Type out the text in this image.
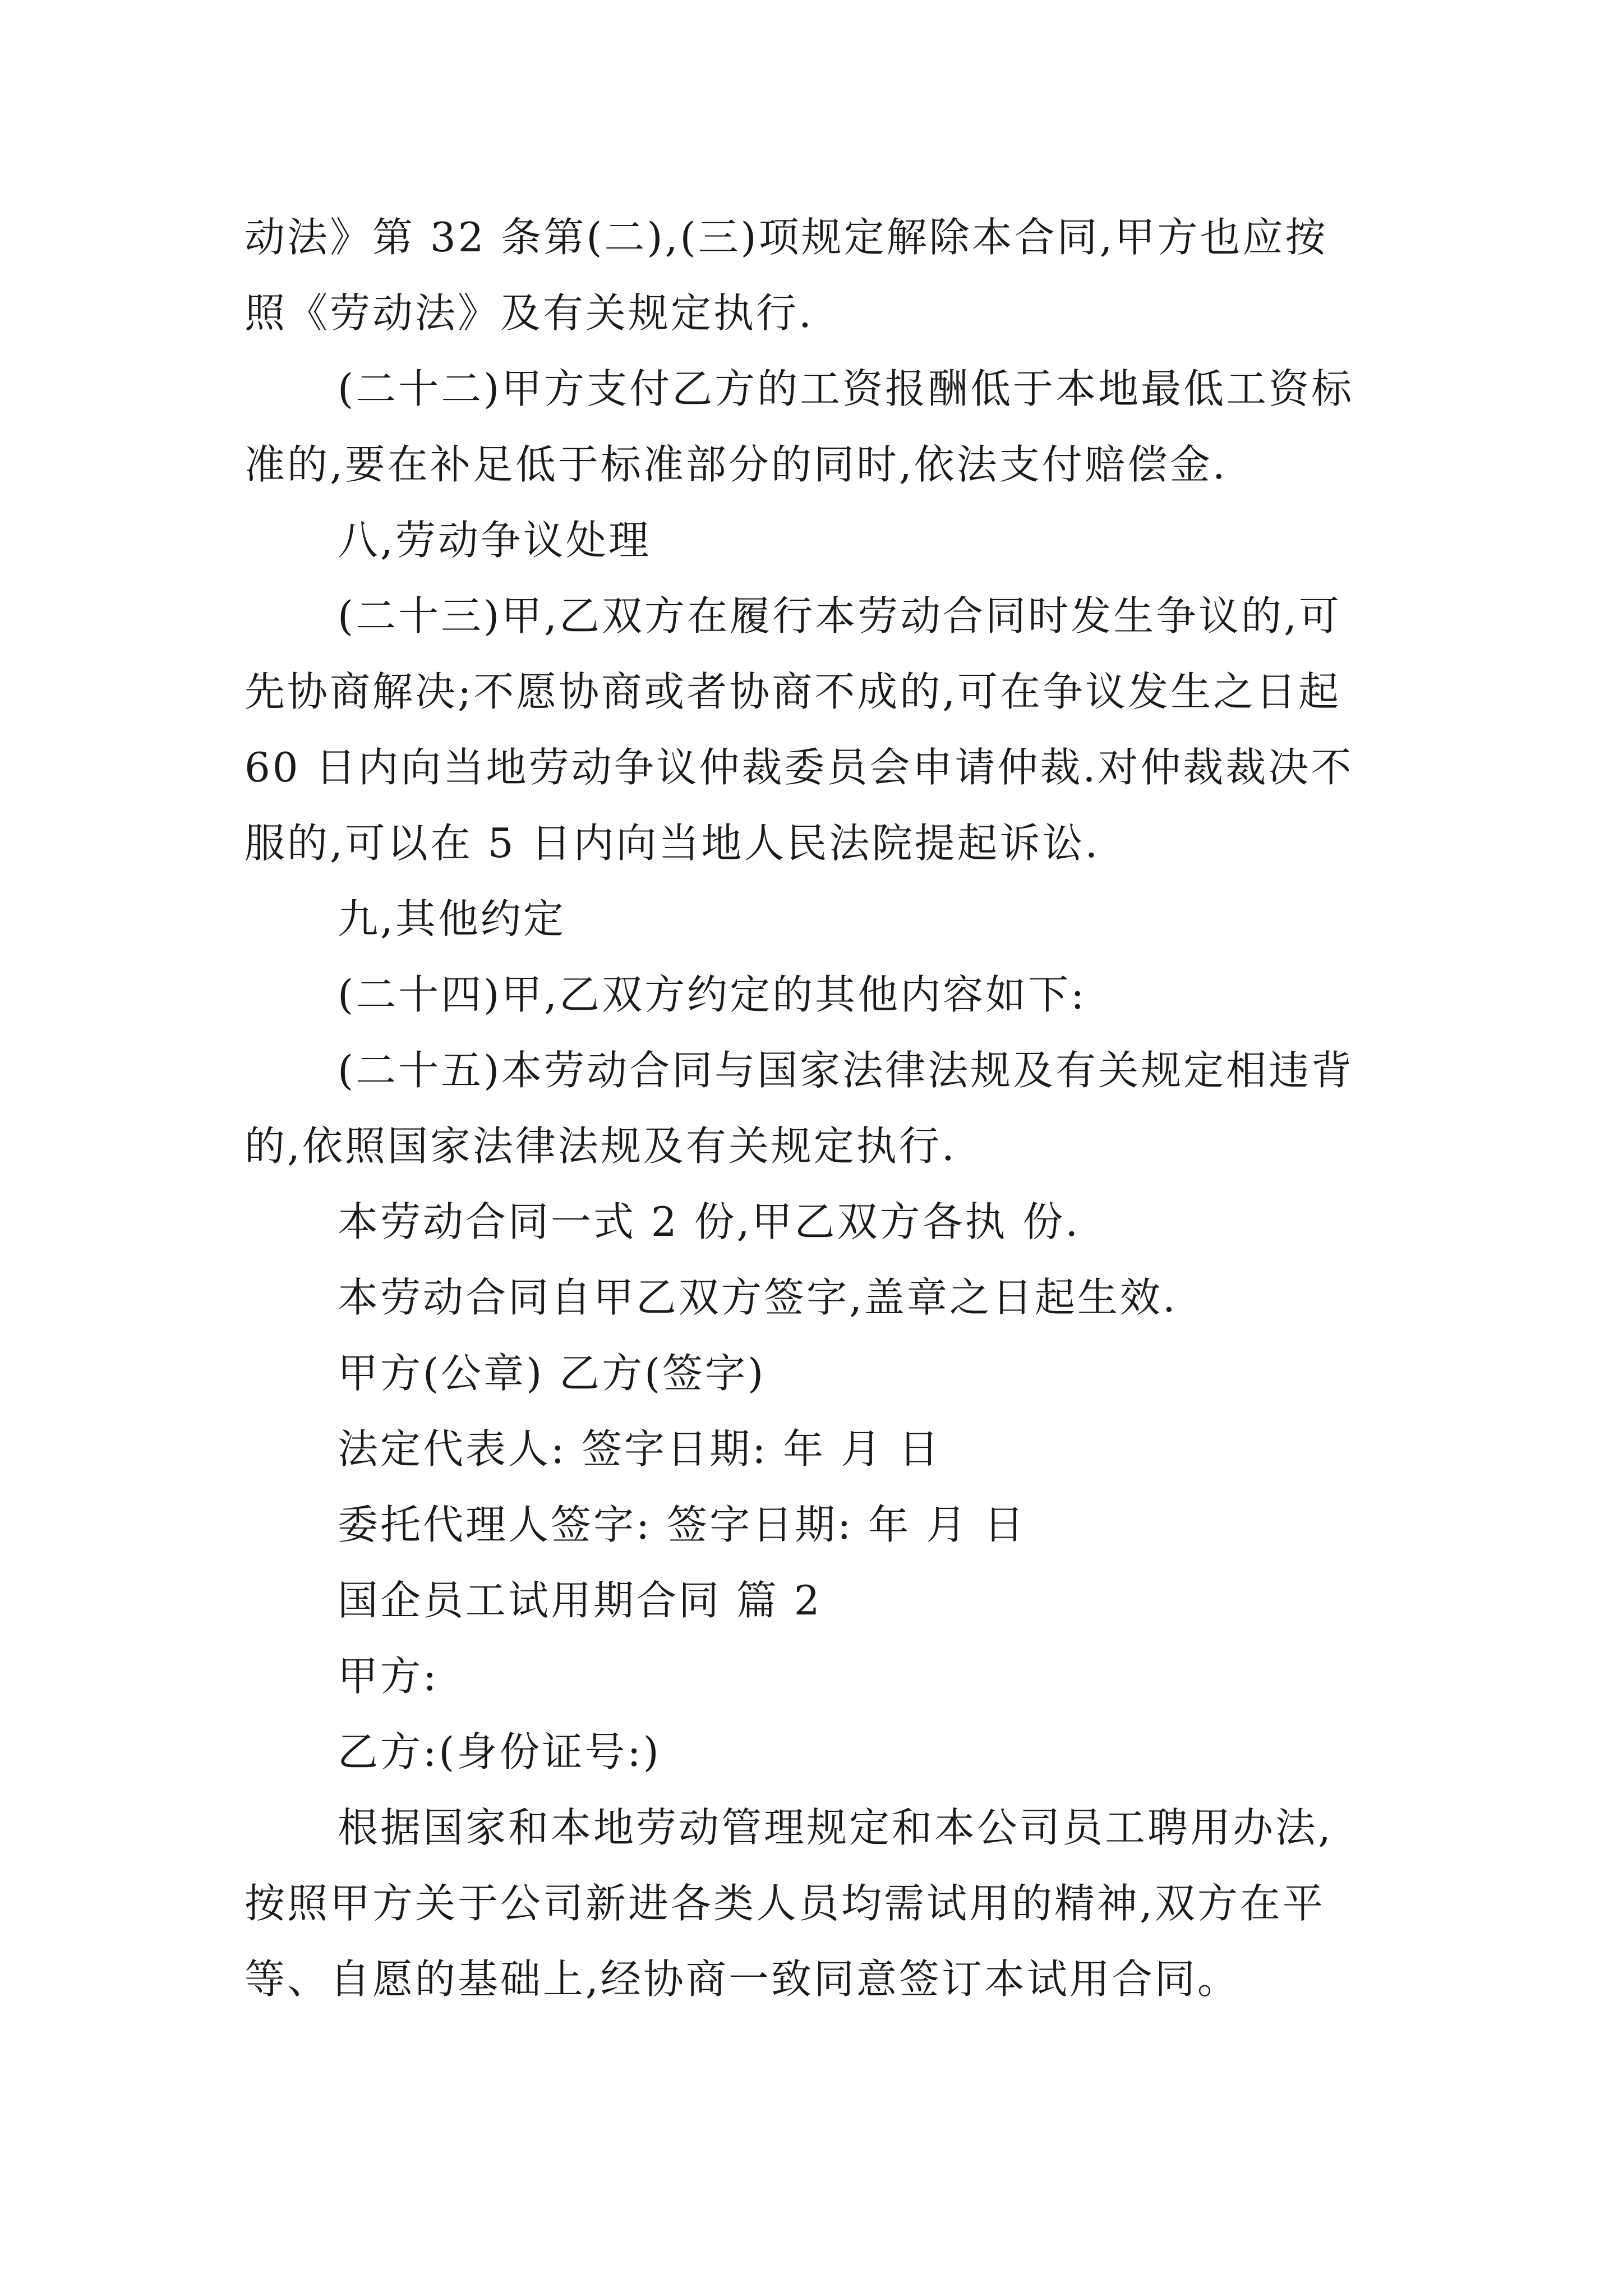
动法》第 32 条第(二),(三)项规定解除本合同,甲方也应按
照《劳动法》及有关规定执行.
(二十二)甲方支付乙方的工资报酬低于本地最低工资标
准的,要在补足低于标准部分的同时,依法支付赔偿金.
八,劳动争议处理
(二十三)甲,乙双方在履行本劳动合同时发生争议的,可
先协商解决;不愿协商或者协商不成的,可在争议发生之日起
60 日内向当地劳动争议仲裁委员会申请仲裁.对仲裁裁决不
服的,可以在 5 日内向当地人民法院提起诉讼.
九,其他约定
(二十四)甲,乙双方约定的其他内容如下:
(二十五)本劳动合同与国家法律法规及有关规定相违背
的,依照国家法律法规及有关规定执行.
本劳动合同一式 2 份,甲乙双方各执 份.
本劳动合同自甲乙双方签字,盖章之日起生效.
甲方(公章) 乙方(签字)
法定代表人: 签字日期: 年 月 日
委托代理人签字: 签字日期: 年 月 日
国企员工试用期合同 篇 2
甲方:
乙方:(身份证号:)
根据国家和本地劳动管理规定和本公司员工聘用办法,
按照甲方关于公司新进各类人员均需试用的精神,双方在平
等、自愿的基础上,经协商一致同意签订本试用合同。
